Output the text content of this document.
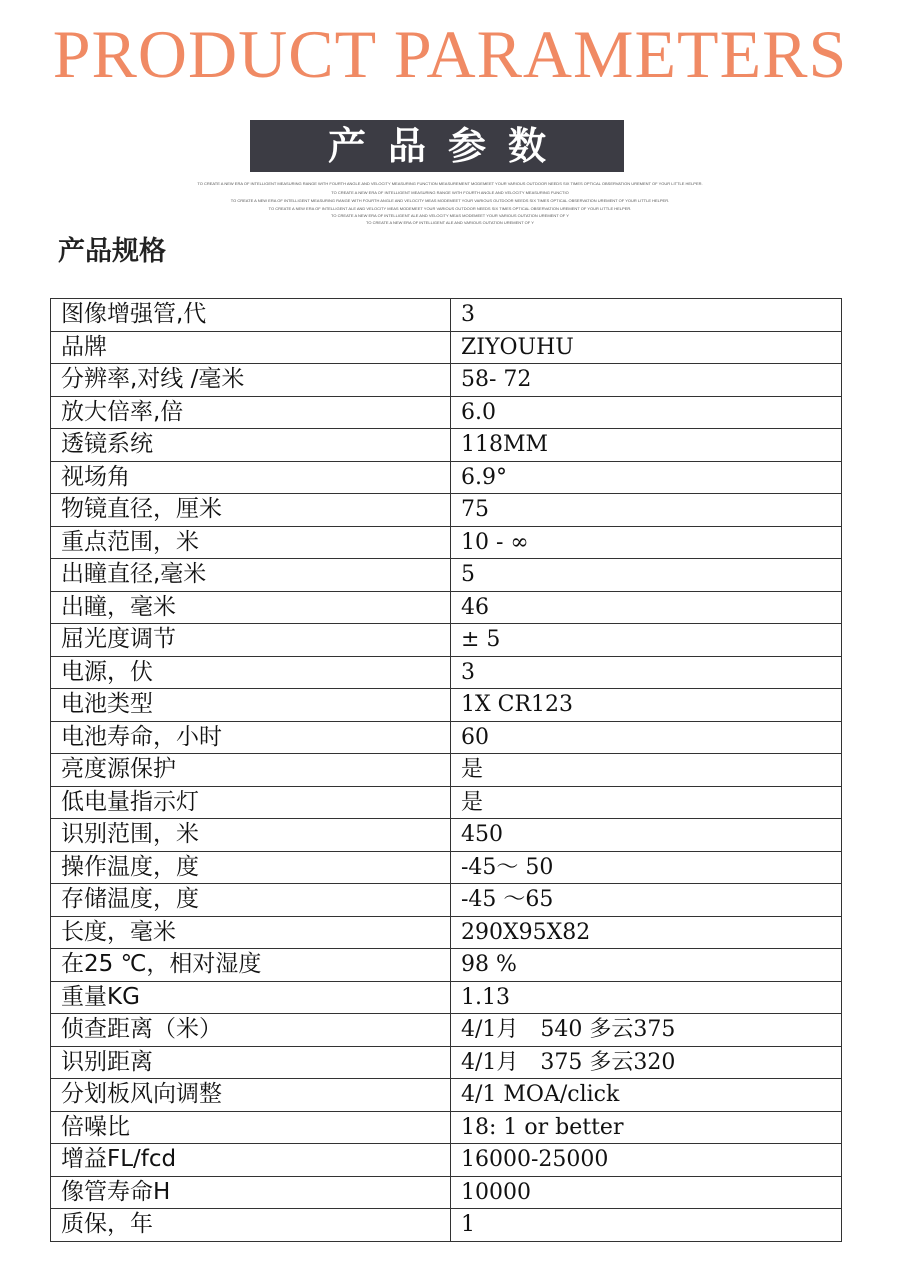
PRODUCT PARAMETERS
产品参数
TO CREATE A NEW ERA OF INTELLIGENT MEASURING RANGE WITH FOURTH ANGLE AND VELOCITY MEASURING FUNCTION MEASUREMENT MODEMEET YOUR VARIOUS OUTDOOR NEEDS SIX TIMES OPTICAL OBSERVATION UREMENT OF YOUR LITTLE HELPER.
TO CREATE A NEW ERA OF INTELLIGENT MEASURING RANGE WITH FOURTH ANGLE AND VELOCITY MEASURING FUNCTIO
TO CREATE A NEW ERA OF INTELLIGENT MEASURING RANGE WITH FOURTH ANGLE AND VELOCITY MEAS MODEMEET YOUR VARIOUS OUTDOOR NEEDS SIX TIMES OPTICAL OBSERVATION UREMENT OF YOUR LITTLE HELPER.
TO CREATE A NEW ERA OF INTELLIGENT ALE AND VELOCITY MEAS MODEMEET YOUR VARIOUS OUTDOOR NEEDS SIX TIMES OPTICAL OBSERVATION UREMENT OF YOUR LITTLE HELPER.
TO CREATE A NEW ERA OF INTELLIGENT ALE AND VELOCITY MEAS MODEMEET YOUR VARIOUS OUTATION UREMENT OF Y
TO CREATE A NEW ERA OF INTELLIGENT ALE AND VARIOUS OUTATION UREMENT OF Y
产品规格
图像增强管,代	3
品牌	ZIYOUHU
分辨率,对线 /毫米	58- 72
放大倍率,倍	6.0
透镜系统	118MM
视场角	6.9°
物镜直径，厘米	75
重点范围，米	10 - ∞
出瞳直径,毫米	5
出瞳，毫米	46
屈光度调节	± 5
电源，伏	3
电池类型	1X CR123
电池寿命，小时	60
亮度源保护	是
低电量指示灯	是
识别范围，米	450
操作温度，度	-45～ 50
存储温度，度	-45 ～65
长度，毫米	290X95X82
在25 ℃，相对湿度	98 %
重量KG	1.13
侦查距离（米）	4/1月　540 多云375
识别距离	4/1月　375 多云320
分划板风向调整	4/1 MOA/click
倍噪比	18: 1 or better
增益FL/fcd	16000-25000
像管寿命H	10000
质保，年	1
